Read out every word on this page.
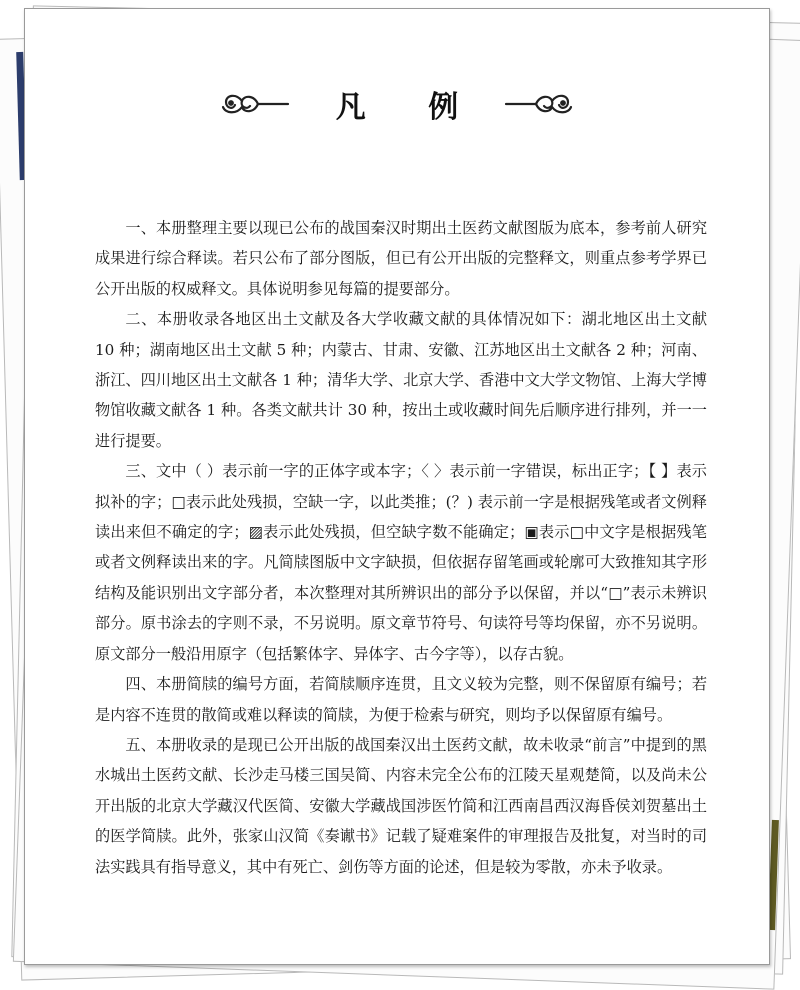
凡 例

一、本册整理主要以现已公布的战国秦汉时期出土医药文献图版为底本，参考前人研究成果进行综合释读。若只公布了部分图版，但已有公开出版的完整释文，则重点参考学界已公开出版的权威释文。具体说明参见每篇的提要部分。

二、本册收录各地区出土文献及各大学收藏文献的具体情况如下：湖北地区出土文献 10 种；湖南地区出土文献 5 种；内蒙古、甘肃、安徽、江苏地区出土文献各 2 种；河南、浙江、四川地区出土文献各 1 种；清华大学、北京大学、香港中文大学文物馆、上海大学博物馆收藏文献各 1 种。各类文献共计 30 种，按出土或收藏时间先后顺序进行排列，并一一进行提要。

三、文中（ ）表示前一字的正体字或本字；〈 〉表示前一字错误，标出正字；【 】表示拟补的字；□表示此处残损，空缺一字，以此类推；(？) 表示前一字是根据残笔或者文例释读出来但不确定的字；▨表示此处残损，但空缺字数不能确定；▣表示□中文字是根据残笔或者文例释读出来的字。凡简牍图版中文字缺损，但依据存留笔画或轮廓可大致推知其字形结构及能识别出文字部分者，本次整理对其所辨识出的部分予以保留，并以“□”表示未辨识部分。原书涂去的字则不录，不另说明。原文章节符号、句读符号等均保留，亦不另说明。原文部分一般沿用原字（包括繁体字、异体字、古今字等），以存古貌。

四、本册简牍的编号方面，若简牍顺序连贯，且文义较为完整，则不保留原有编号；若是内容不连贯的散简或难以释读的简牍，为便于检索与研究，则均予以保留原有编号。

五、本册收录的是现已公开出版的战国秦汉出土医药文献，故未收录“前言”中提到的黑水城出土医药文献、长沙走马楼三国吴简、内容未完全公布的江陵天星观楚简，以及尚未公开出版的北京大学藏汉代医简、安徽大学藏战国涉医竹简和江西南昌西汉海昏侯刘贺墓出土的医学简牍。此外，张家山汉简《奏谳书》记载了疑难案件的审理报告及批复，对当时的司法实践具有指导意义，其中有死亡、剑伤等方面的论述，但是较为零散，亦未予收录。
